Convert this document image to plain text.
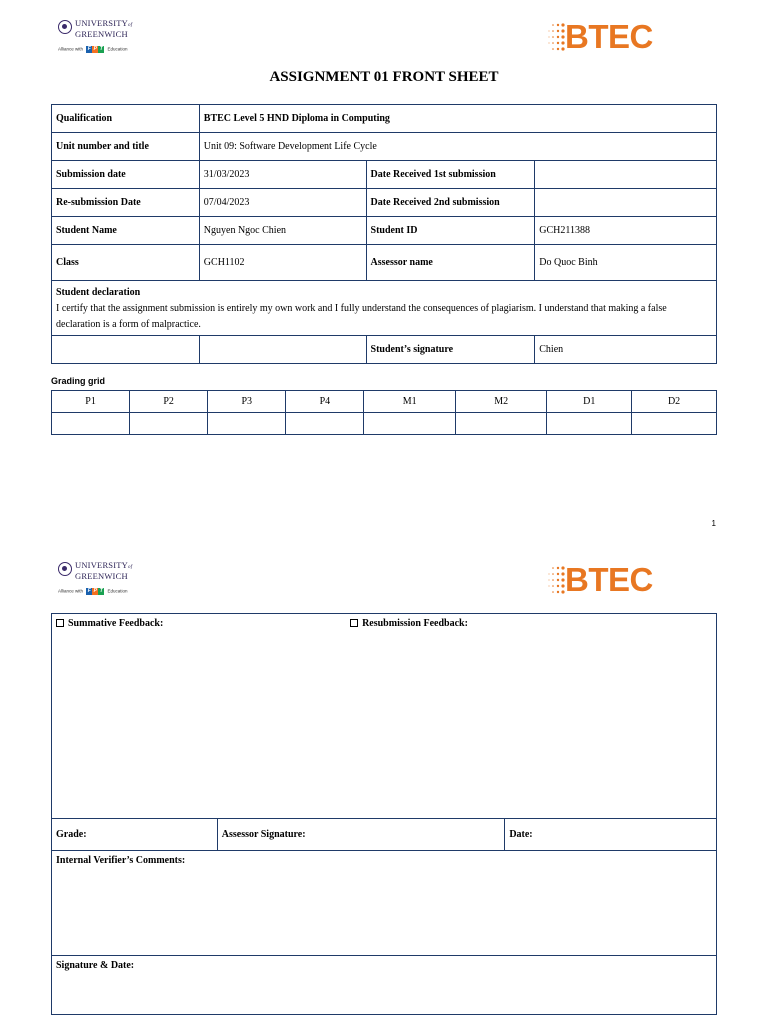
UNIVERSITYof
GREENWICH
Alliance with F P T Education	BTEC
ASSIGNMENT 01 FRONT SHEET
Qualification	BTEC Level 5 HND Diploma in Computing		
Unit number and title	Unit 09: Software Development Life Cycle		
Submission date	31/03/2023	Date Received 1st submission	
Re-submission Date	07/04/2023	Date Received 2nd submission	
Student Name	Nguyen Ngoc Chien	Student ID	GCH211388
Class	GCH1102	Assessor name	Do Quoc Binh
Student declaration
I certify that the assignment submission is entirely my own work and I fully understand the consequences of plagiarism. I understand that making a false declaration is a form of malpractice.			
		Student’s signature	Chien
Grading grid
P1	P2	P3	P4	M1	M2	D1	D2

1
UNIVERSITYof
GREENWICH
Alliance with F P T Education	BTEC
Summative Feedback:		Resubmission Feedback:	
Grade:	Assessor Signature:		Date:
Internal Verifier’s Comments:			
Signature & Date:			
